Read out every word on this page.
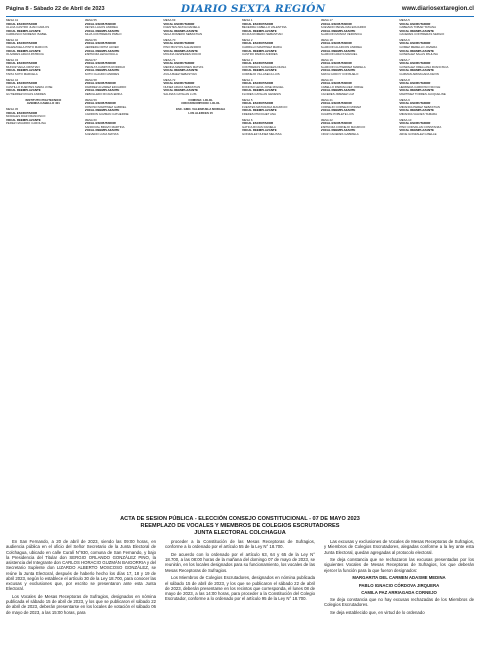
Página 8 - Sábado 22 de Abril de 2023	DIARIO SEXTA REGIÓN	www.diariosextaregion.cl
MESA 41
VOCAL ESCRUTADOR
ULLOA CASTRO JUAN CARLOS
VOCAL REEMPLAZANTE
CARRASCO MORENO ISABEL
MESA 42
VOCAL ESCRUTADOR
VALENZUELA PINTO MARCOS
VOCAL REEMPLAZANTE
OLIVARES ARAYA PATRICIA
MESA 43
VOCAL ESCRUTADOR
MUÑOZ VEGA CRISTIAN
VOCAL REEMPLAZANTE
TAPIA SOTO MARCELA
MESA 44
VOCAL ESCRUTADOR
CASTILLO FUENTES MARÍA JOSÉ
VOCAL REEMPLAZANTE
GUTIÉRREZ ROJAS ANDRÉS
INSTITUTO POLITÉCNICO
AVENIDA CABELLO 401
MESA 45
VOCAL ESCRUTADOR
MORALES DÍAZ FRANCISCO
VOCAL REEMPLAZANTE
PÉREZ NAVARRO CAROLINA
MESA 55
VOCAL ESCRUTADOR
REYES LAGOS ANDREA
VOCAL REEMPLAZANTE
SILVA CONTRERAS PABLO
MESA 56
VOCAL ESCRUTADOR
HERRERA ORTIZ JAVIER
VOCAL REEMPLAZANTE
ESPINOZA LEIVA PAULA
MESA 57
VOCAL ESCRUTADOR
PERALTA CAMPOS RODRIGO
VOCAL REEMPLAZANTE
SOTO CLAUDIO ANDRÉS
MESA 58
VOCAL ESCRUTADOR
RAMÍREZ ALVAREZ EDUARDO
VOCAL REEMPLAZANTE
REBOLLEDO ROJAS ERIKA
MESA 59
VOCAL ESCRUTADOR
DONOSO MARTÍNEZ GABRIEL
VOCAL REEMPLAZANTE
CARRIÓN GUZMÁN CATHERINE
MESA 60
VOCAL ESCRUTADOR
SANDOVAL BRAVO MARTINA
VOCAL REEMPLAZANTE
ACEVEDO LUNA MATÍAS
MESA 69
VOCAL ESCRUTADOR
FUENTES ARAYA DANIELA
VOCAL REEMPLAZANTE
VEGA ROMERO SEBASTIÁN
MESA 70
VOCAL ESCRUTADOR
PINO BUSTOS ALEJANDRO
VOCAL REEMPLAZANTE
MOLINA CÉSPEDES ROCÍO
MESA 71
VOCAL ESCRUTADOR
MEDINA MARDONES MATÍAS
VOCAL REEMPLAZANTE
ÁVILA BÁEZ SEBASTIÁN
MESA 72
VOCAL ESCRUTADOR
NÚÑEZ ARAYA SEBASTIÁN
VOCAL REEMPLAZANTE
SALINAS CATALÁN LUIS
COMUNA: LOLOL
CIRCUNSCRIPCIÓN: LOLOL
ESC. GMO. VALENZUELA MORAGA
LOS ALERCES 15
MESA 1
VOCAL ESCRUTADOR
BECERRA CABELLO VALENTINA
VOCAL REEMPLAZANTE
ROJAS ROMERO SEBASTIÁN
MESA 2
VOCAL ESCRUTADOR
CARRILLO MARTÍNEZ MARÍA
VOCAL REEMPLAZANTE
CASTRO PARDO ANDRÉS
MESA 3
VOCAL ESCRUTADOR
CONTRERAS SANHUEZA DIANA
VOCAL REEMPLAZANTE
CORNEJO VILLASECA LUIS
MESA 4
VOCAL ESCRUTADOR
DONOSO LEIVA JOSÉ MIGUEL
VOCAL REEMPLAZANTE
FLORES CATALÁN GENESIS
MESA 5
VOCAL ESCRUTADOR
FUENTES MATURANA MAURICIO
VOCAL REEMPLAZANTE
FREDES PINOCHET ANA
MESA 6
VOCAL ESCRUTADOR
GATICA ROJAS DANIELA
VOCAL REEMPLAZANTE
GONZÁLEZ NÚÑEZ MELISSA
MESA 17
VOCAL ESCRUTADOR
ACEVEDO PEÑALOZA EDUARDO
VOCAL REEMPLAZANTE
ALARCÓN MUÑOZ VERÓNICA
MESA 18
VOCAL ESCRUTADOR
ALARCÓN ALARCÓN ANDREA
VOCAL REEMPLAZANTE
ALARCÓN ARAYA MANUEL
MESA 19
VOCAL ESCRUTADOR
ALARCÓN GUTIÉRREZ MARIELA
VOCAL REEMPLAZANTE
ARAYA GODOY CONSUELO
MESA 20
VOCAL ESCRUTADOR
CABELLO PARRAGUEZ JORGE
VOCAL REEMPLAZANTE
CÁCERES JIMÉNEZ LUZ
MESA 21
VOCAL ESCRUTADOR
CORNEJO CORNEJO MIRIAM
VOCAL REEMPLAZANTE
DUARTE POBLETE LUIS
MESA 22
VOCAL ESCRUTADOR
ESPINOZA CORNEJO MAURICIO
VOCAL REEMPLAZANTE
CRUZ CÁCERES GABRIELA
MESA 5
VOCAL ESCRUTADOR
CABEZAS TOBAR TATIANA
VOCAL REEMPLAZANTE
CÁCERES CONTRERAS SERGIO
MESA 6
VOCAL ESCRUTADOR
GÓMEZ MERELLO JAVIERA
VOCAL REEMPLAZANTE
GONZÁLEZ SALAS PAULINA
MESA 7
VOCAL ESCRUTADOR
GONZÁLEZ ORELLANA FRANCISCA
VOCAL REEMPLAZANTE
GUZMÁN ARRIAGADA KEVIN
MESA 8
VOCAL ESCRUTADOR
HERRERA CARDOSO NICOLE
VOCAL REEMPLAZANTE
MARTÍNEZ TORRES JACQUELINE
MESA 9
VOCAL ESCRUTADOR
MIRANDA PÉREZ SEBASTIÁN
VOCAL REEMPLAZANTE
MIRANDA VALDÉS TAMARA
MESA 10
VOCAL ESCRUTADOR
PINO CORVALÁN CONSTANZA
VOCAL REEMPLAZANTE
ARCE GONZÁLEZ GISELLE
ACTA DE SESION PÚBLICA - ELECCIÓN CONSEJO CONSTITUCIONAL - 07 DE MAYO 2023
REEMPLAZO DE VOCALES Y MIEMBROS DE COLEGIOS ESCRUTADORES
JUNTA ELECTORAL COLCHAGUA

En San Fernando, a 20 de abril de 2023, siendo las 09:00 horas, en audiencia pública en el oficio del Señor Secretario de la Junta Electoral de Colchagua, ubicado en calle Curalí N°930, comuna de San Fernando, y bajo la Presidencia del Titular don SERGIO ORLANDO GONZÁLEZ PINO, la asistencia del Integrante don CARLOS HORACIO GUZMÁN BAIGORRIA y del Secretario Suplente don LIZARDO ALBERTO MOSCOSO GONZÁLEZ, se reúne la Junta Electoral, después de haberlo hecho los días 17, 18 y 19 de abril 2023, según lo establece el artículo 30 de la Ley 18.700, para conocer las excusas y exclusiones que, por escrito se presentaron ante esta Junta Electoral.

Los Vocales de Mesas Receptoras de Sufragios, designados en nómina publicada el sábado 15 de abril de 2023, y los que se publicaron el sábado 22 de abril de 2023, deberán presentarse en los locales de votación el sábado 06 de mayo de 2023, a las 15:00 horas, para

proceder a la Constitución de las Mesas Receptoras de Sufragios, conforme a lo ordenado por el artículo 55 de la Ley N° 18.700.

De acuerdo con lo ordenado por el artículo 63, 64 y 65 de la Ley N° 18.700, a las 08:00 horas de la mañana del domingo 07 de mayo de 2023, se reunirán, en los locales designados para su funcionamiento, los vocales de las Mesas Receptoras de Sufragios.

Los Miembros de Colegios Escrutadores, designados en nómina publicada el sábado 15 de abril de 2023, y los que se publicaron el sábado 22 de abril de 2023, deberán presentarse en los recintos que corresponda, el lunes 08 de mayo de 2023, a las 14:00 horas, para proceder a la Constitución del Colegio Escrutador, conforme a lo ordenado por el artículo 95 de la Ley N° 18.700.

Las excusas y exclusiones de Vocales de Mesas Receptoras de Sufragios, y Miembros de Colegios Escrutadores, alegadas conforme a la ley ante esta Junta Electoral, quedan agregadas al protocolo electoral.

Se deja constancia que se rechazaron las excusas presentadas por los siguientes Vocales de Mesas Receptoras de Sufragios, los que deberán ejercer la función para la que fueron designados:

MARGARITA DEL CARMEN ADASME MEDINA

PABLO IGNACIO CÓRDOVA JIRQUERA

CAMILA PAZ ARRIAGADA CORNEJO

Se deja constancia que no hay excusas rechazadas de los Miembros de Colegios Escrutadores.

Se deja establecido que, en virtud de lo ordenado
